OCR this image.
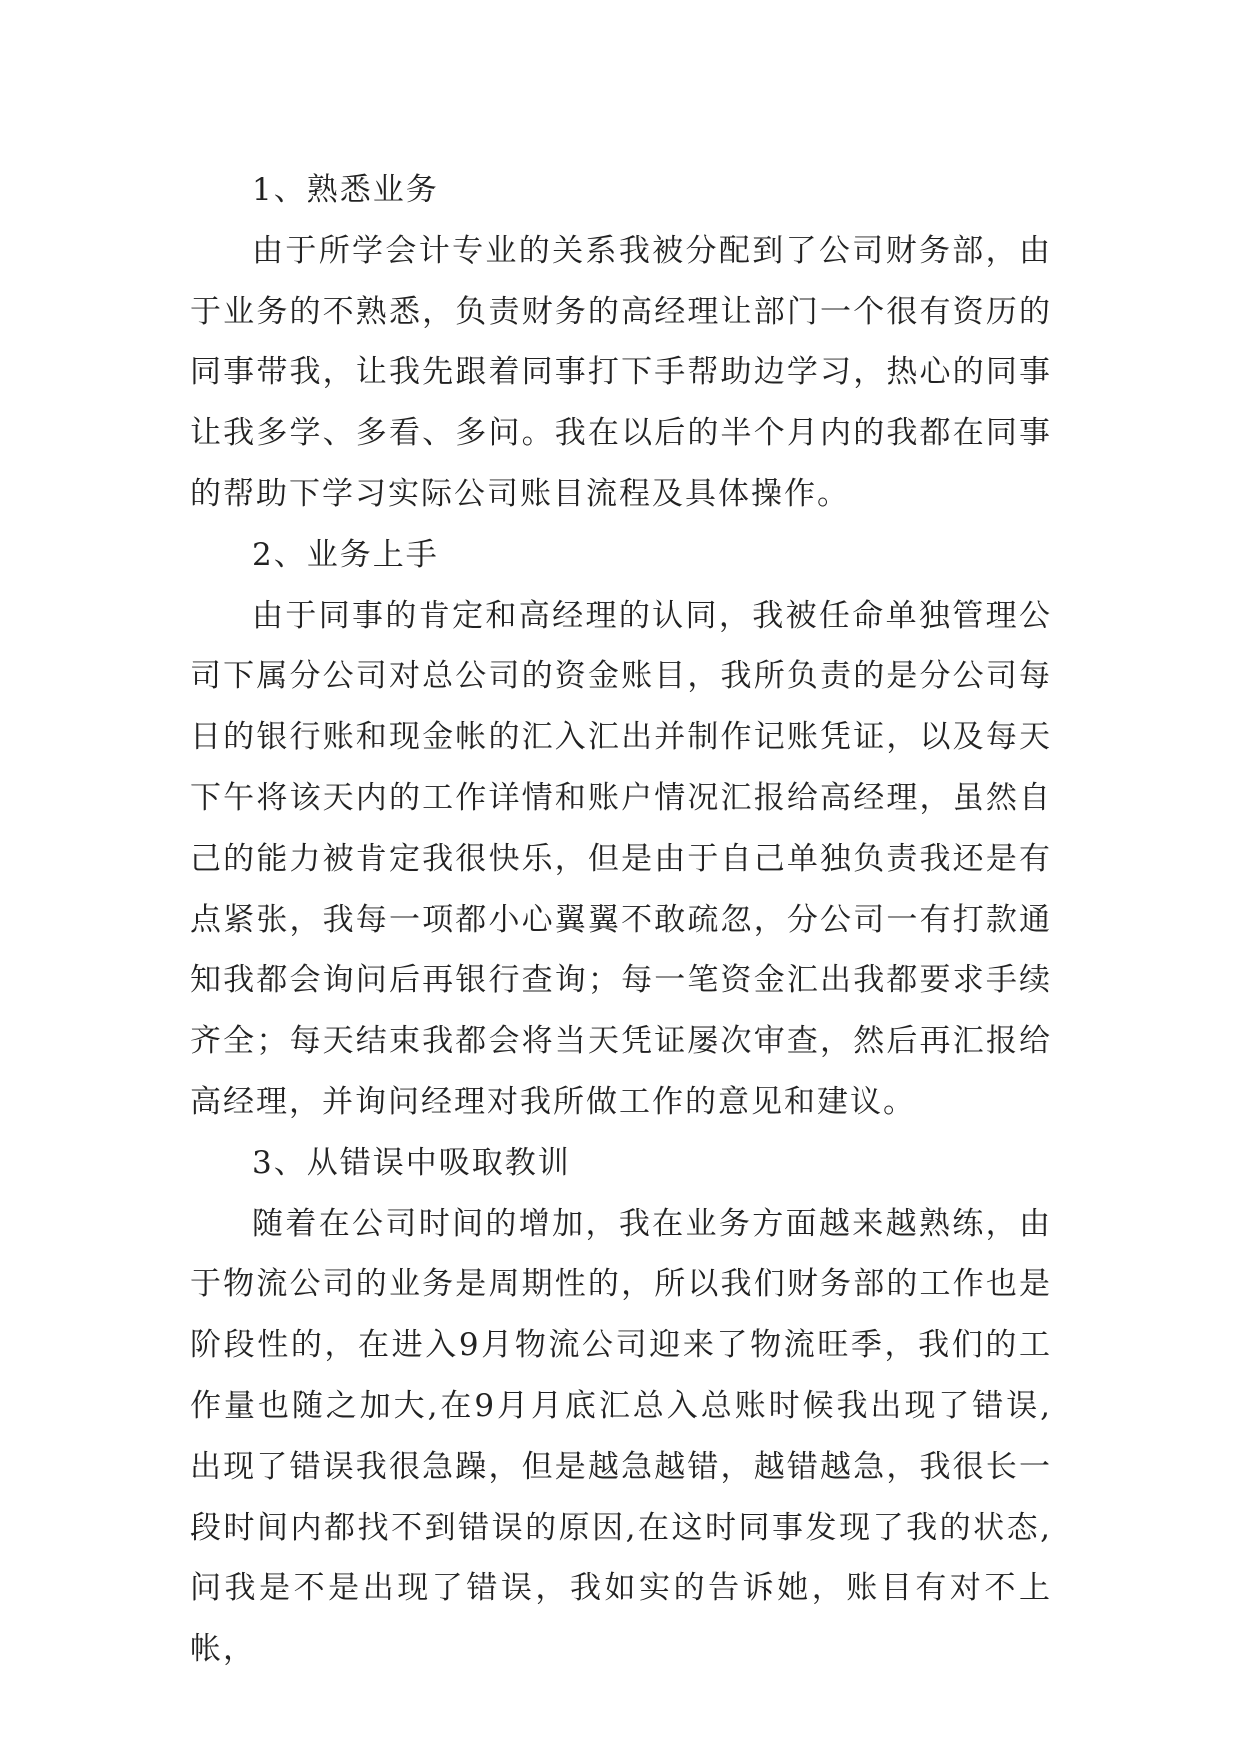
1、熟悉业务

由于所学会计专业的关系我被分配到了公司财务部，由于业务的不熟悉，负责财务的高经理让部门一个很有资历的同事带我，让我先跟着同事打下手帮助边学习，热心的同事让我多学、多看、多问。我在以后的半个月内的我都在同事的帮助下学习实际公司账目流程及具体操作。

2、业务上手

由于同事的肯定和高经理的认同，我被任命单独管理公司下属分公司对总公司的资金账目，我所负责的是分公司每日的银行账和现金帐的汇入汇出并制作记账凭证，以及每天下午将该天内的工作详情和账户情况汇报给高经理，虽然自己的能力被肯定我很快乐，但是由于自己单独负责我还是有点紧张，我每一项都小心翼翼不敢疏忽，分公司一有打款通知我都会询问后再银行查询；每一笔资金汇出我都要求手续齐全；每天结束我都会将当天凭证屡次审查，然后再汇报给高经理，并询问经理对我所做工作的意见和建议。

3、从错误中吸取教训

随着在公司时间的增加，我在业务方面越来越熟练，由于物流公司的业务是周期性的，所以我们财务部的工作也是阶段性的，在进入9月物流公司迎来了物流旺季，我们的工作量也随之加大,在9月月底汇总入总账时候我出现了错误,出现了错误我很急躁，但是越急越错，越错越急，我很长一段时间内都找不到错误的原因,在这时同事发现了我的状态,问我是不是出现了错误，我如实的告诉她，账目有对不上帐，
